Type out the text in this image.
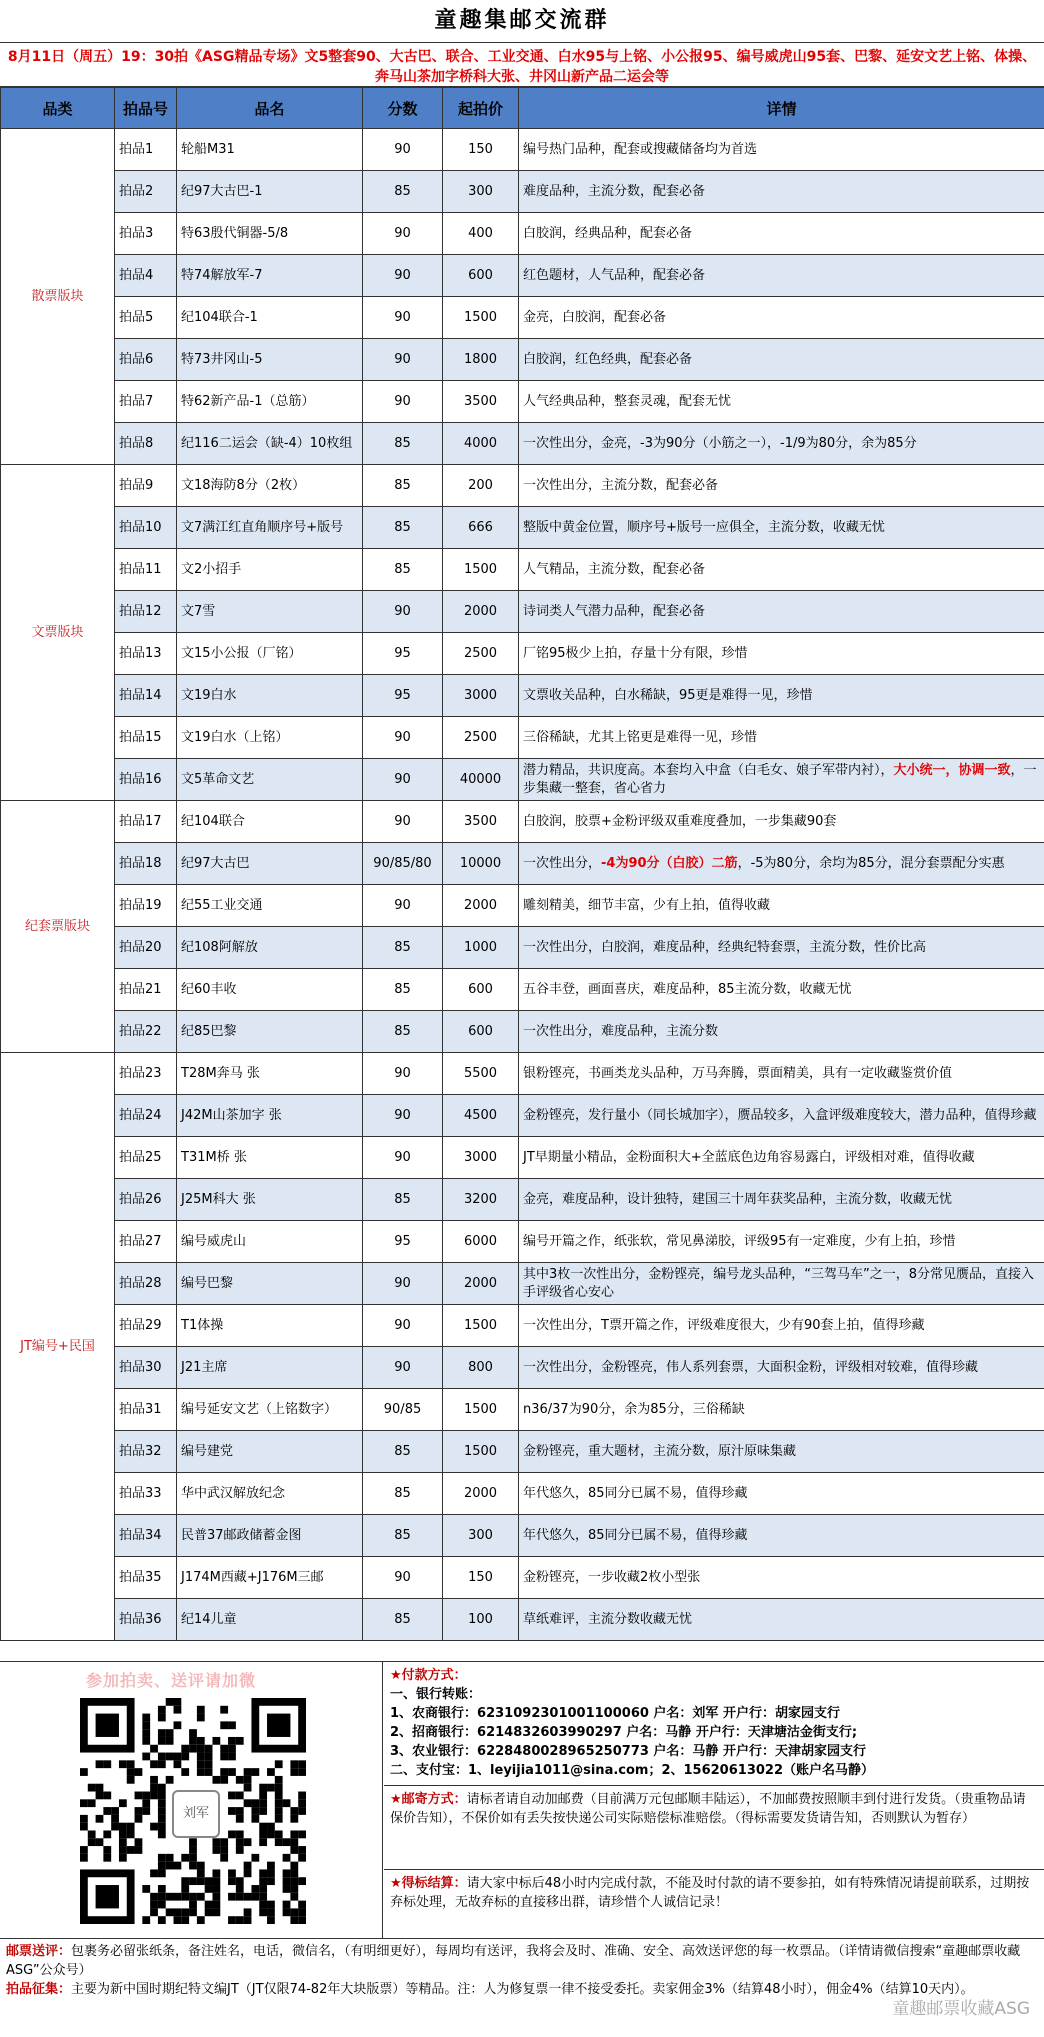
童趣集邮交流群
8月11日（周五）19：30拍《ASG精品专场》文5整套90、大古巴、联合、工业交通、白水95与上铭、小公报95、编号威虎山95套、巴黎、延安文艺上铭、体操、奔马山茶加字桥科大张、井冈山新产品二运会等
品类	拍品号	品名	分数	起拍价	详情
散票版块	拍品1	轮船M31	90	150	编号热门品种，配套或搜藏储备均为首选
	拍品2	纪97大古巴-1	85	300	难度品种，主流分数，配套必备
	拍品3	特63殷代铜器-5/8	90	400	白胶润，经典品种，配套必备
	拍品4	特74解放军-7	90	600	红色题材，人气品种，配套必备
	拍品5	纪104联合-1	90	1500	金亮，白胶润，配套必备
	拍品6	特73井冈山-5	90	1800	白胶润，红色经典，配套必备
	拍品7	特62新产品-1（总筋）	90	3500	人气经典品种，整套灵魂，配套无忧
	拍品8	纪116二运会（缺-4）10枚组	85	4000	一次性出分，金亮，-3为90分（小筋之一），-1/9为80分，余为85分
文票版块	拍品9	文18海防8分（2枚）	85	200	一次性出分，主流分数，配套必备
	拍品10	文7满江红直角顺序号+版号	85	666	整版中黄金位置，顺序号+版号一应俱全，主流分数，收藏无忧
	拍品11	文2小招手	85	1500	人气精品，主流分数，配套必备
	拍品12	文7雪	90	2000	诗词类人气潜力品种，配套必备
	拍品13	文15小公报（厂铭）	95	2500	厂铭95极少上拍，存量十分有限，珍惜
	拍品14	文19白水	95	3000	文票收关品种，白水稀缺，95更是难得一见，珍惜
	拍品15	文19白水（上铭）	90	2500	三俗稀缺，尤其上铭更是难得一见，珍惜
	拍品16	文5革命文艺	90	40000	潜力精品，共识度高。本套均入中盒（白毛女、娘子军带内衬），大小统一，协调一致，一步集藏一整套，省心省力
纪套票版块	拍品17	纪104联合	90	3500	白胶润，胶票+金粉评级双重难度叠加，一步集藏90套
	拍品18	纪97大古巴	90/85/80	10000	一次性出分，-4为90分（白胶）二筋，-5为80分，余均为85分，混分套票配分实惠
	拍品19	纪55工业交通	90	2000	雕刻精美，细节丰富，少有上拍，值得收藏
	拍品20	纪108阿解放	85	1000	一次性出分，白胶润，难度品种，经典纪特套票，主流分数，性价比高
	拍品21	纪60丰收	85	600	五谷丰登，画面喜庆，难度品种，85主流分数，收藏无忧
	拍品22	纪85巴黎	85	600	一次性出分，难度品种，主流分数
JT编号+民国	拍品23	T28M奔马 张	90	5500	银粉铿亮，书画类龙头品种，万马奔腾，票面精美，具有一定收藏鉴赏价值
	拍品24	J42M山茶加字 张	90	4500	金粉铿亮，发行量小（同长城加字），赝品较多，入盒评级难度较大，潜力品种，值得珍藏
	拍品25	T31M桥 张	90	3000	JT早期量小精品，金粉面积大+全蓝底色边角容易露白，评级相对难，值得收藏
	拍品26	J25M科大 张	85	3200	金亮，难度品种，设计独特，建国三十周年获奖品种，主流分数，收藏无忧
	拍品27	编号威虎山	95	6000	编号开篇之作，纸张软，常见鼻涕胶，评级95有一定难度，少有上拍，珍惜
	拍品28	编号巴黎	90	2000	其中3枚一次性出分，金粉铿亮，编号龙头品种，“三驾马车”之一，8分常见赝品，直接入手评级省心安心
	拍品29	T1体操	90	1500	一次性出分，T票开篇之作，评级难度很大，少有90套上拍，值得珍藏
	拍品30	J21主席	90	800	一次性出分，金粉铿亮，伟人系列套票，大面积金粉，评级相对较难，值得珍藏
	拍品31	编号延安文艺（上铭数字）	90/85	1500	n36/37为90分，余为85分，三俗稀缺
	拍品32	编号建党	85	1500	金粉铿亮，重大题材，主流分数，原汁原味集藏
	拍品33	华中武汉解放纪念	85	2000	年代悠久，85同分已属不易，值得珍藏
	拍品34	民普37邮政储蓄金图	85	300	年代悠久，85同分已属不易，值得珍藏
	拍品35	J174M西藏+J176M三邮	90	150	金粉铿亮，一步收藏2枚小型张
	拍品36	纪14儿童	85	100	草纸难评，主流分数收藏无忧
参加拍卖、送评请加微
刘军
★付款方式：
一、银行转账：
1、农商银行：6231092301001100060 户名：刘军 开户行：胡家园支行
2、招商银行：6214832603990297 户名：马静 开户行：天津塘沽金街支行;
3、农业银行：6228480028965250773 户名：马静 开户行：天津胡家园支行
二、支付宝：1、leyijia1011@sina.com；2、15620613022（账户名马静）
★邮寄方式：请标者请自动加邮费（目前满万元包邮顺丰陆运），不加邮费按照顺丰到付进行发货。（贵重物品请保价告知），不保价如有丢失按快递公司实际赔偿标准赔偿。（得标需要发货请告知，否则默认为暂存）
★得标结算：请大家中标后48小时内完成付款，不能及时付款的请不要参拍，如有特殊情况请提前联系，过期按弃标处理，无故弃标的直接移出群，请珍惜个人诚信记录！
邮票送评：包裹务必留张纸条，备注姓名，电话，微信名，（有明细更好），每周均有送评，我将会及时、准确、安全、高效送评您的每一枚票品。（详情请微信搜索“童趣邮票收藏ASG”公众号）
拍品征集：主要为新中国时期纪特文编JT（JT仅限74-82年大块版票）等精品。注：人为修复票一律不接受委托。卖家佣金3%（结算48小时），佣金4%（结算10天内）。
童趣邮票收藏ASG
